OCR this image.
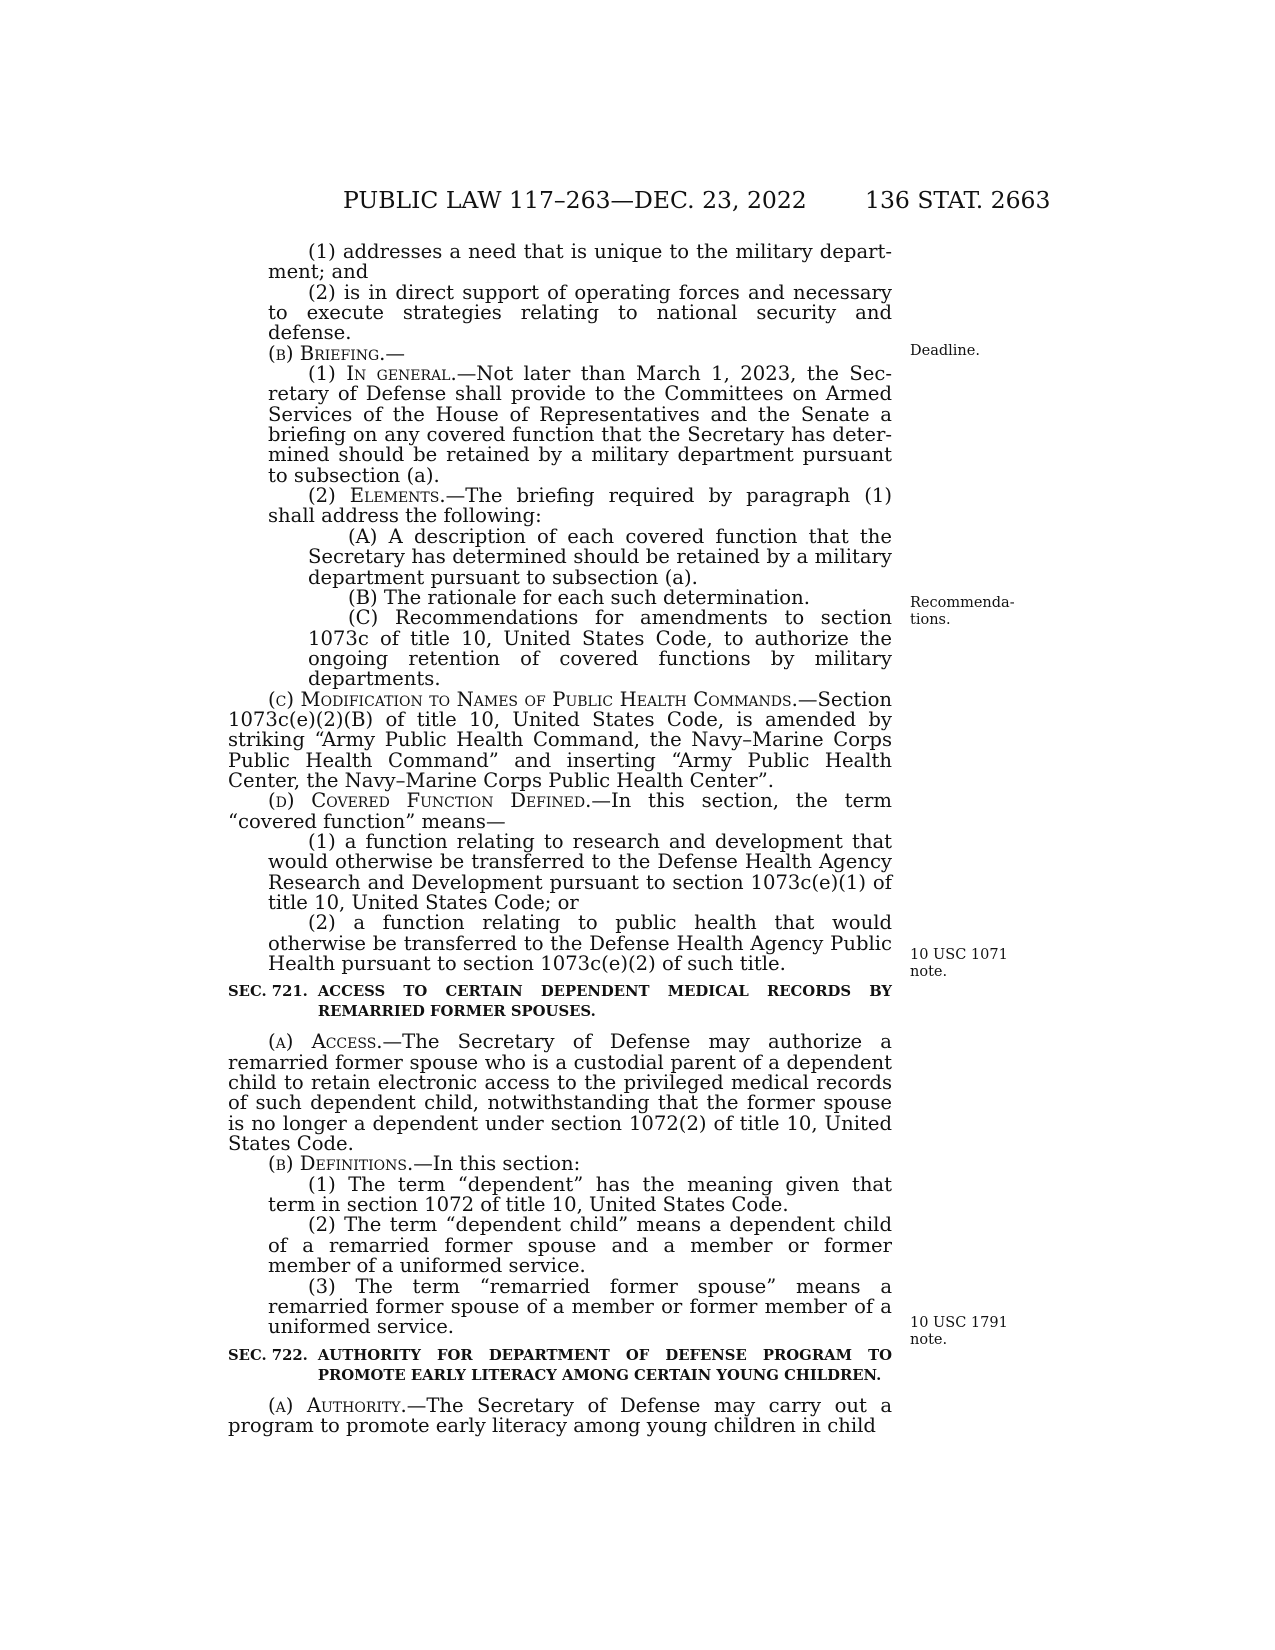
PUBLIC LAW 117–263—DEC. 23, 2022 136 STAT. 2663

(1) addresses a need that is unique to the military depart-ment; and

(2) is in direct support of operating forces and necessary to execute strategies relating to national security and defense.

(b) Briefing.—

(1) In general.—Not later than March 1, 2023, the Sec-retary of Defense shall provide to the Committees on Armed Services of the House of Representatives and the Senate a briefing on any covered function that the Secretary has deter-mined should be retained by a military department pursuant to subsection (a).

(2) Elements.—The briefing required by paragraph (1) shall address the following:

(A) A description of each covered function that the Secretary has determined should be retained by a military department pursuant to subsection (a).

(B) The rationale for each such determination.

(C) Recommendations for amendments to section 1073c of title 10, United States Code, to authorize the ongoing retention of covered functions by military departments.

(c) Modification to Names of Public Health Commands.—Section 1073c(e)(2)(B) of title 10, United States Code, is amended by striking “Army Public Health Command, the Navy–Marine Corps Public Health Command” and inserting “Army Public Health Center, the Navy–Marine Corps Public Health Center”.

(d) Covered Function Defined.—In this section, the term “covered function” means—

(1) a function relating to research and development that would otherwise be transferred to the Defense Health Agency Research and Development pursuant to section 1073c(e)(1) of title 10, United States Code; or

(2) a function relating to public health that would otherwise be transferred to the Defense Health Agency Public Health pursuant to section 1073c(e)(2) of such title.

SEC. 721. ACCESS TO CERTAIN DEPENDENT MEDICAL RECORDS BY REMARRIED FORMER SPOUSES.

(a) Access.—The Secretary of Defense may authorize a remarried former spouse who is a custodial parent of a dependent child to retain electronic access to the privileged medical records of such dependent child, notwithstanding that the former spouse is no longer a dependent under section 1072(2) of title 10, United States Code.

(b) Definitions.—In this section:

(1) The term “dependent” has the meaning given that term in section 1072 of title 10, United States Code.

(2) The term “dependent child” means a dependent child of a remarried former spouse and a member or former member of a uniformed service.

(3) The term “remarried former spouse” means a remarried former spouse of a member or former member of a uniformed service.

SEC. 722. AUTHORITY FOR DEPARTMENT OF DEFENSE PROGRAM TO PROMOTE EARLY LITERACY AMONG CERTAIN YOUNG CHILDREN.

(a) Authority.—The Secretary of Defense may carry out a program to promote early literacy among young children in child

Deadline.
Recommenda-
tions.
10 USC 1071
note.
10 USC 1791
note.
